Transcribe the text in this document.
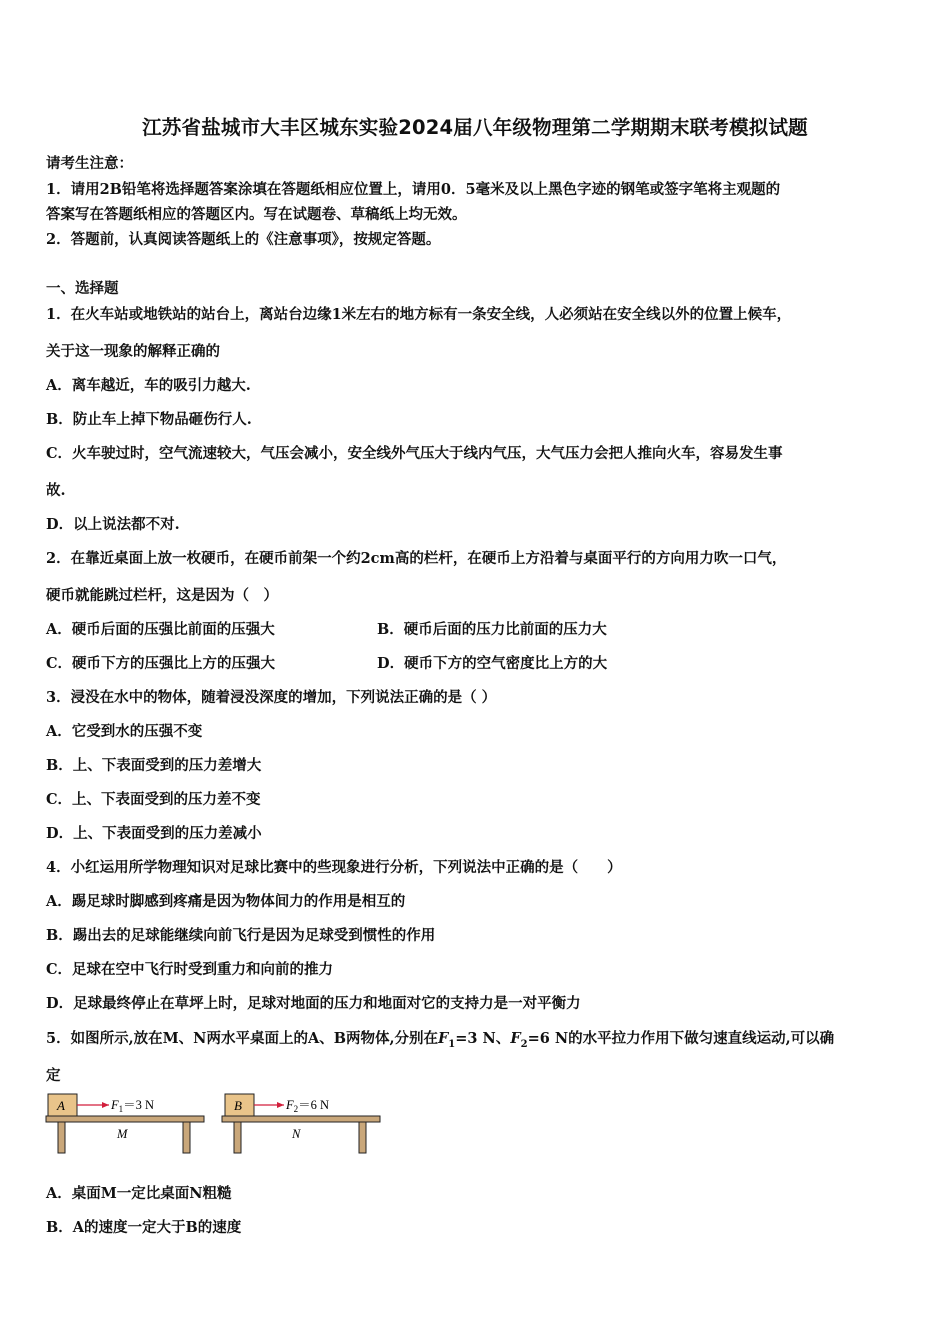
江苏省盐城市大丰区城东实验2024届八年级物理第二学期期末联考模拟试题
请考生注意：
1．请用2B铅笔将选择题答案涂填在答题纸相应位置上，请用0．5毫米及以上黑色字迹的钢笔或签字笔将主观题的
答案写在答题纸相应的答题区内。写在试题卷、草稿纸上均无效。
2．答题前，认真阅读答题纸上的《注意事项》，按规定答题。
一、选择题
1．在火车站或地铁站的站台上，离站台边缘1米左右的地方标有一条安全线，人必须站在安全线以外的位置上候车，
关于这一现象的解释正确的
A．离车越近，车的吸引力越大.
B．防止车上掉下物品砸伤行人.
C．火车驶过时，空气流速较大，气压会减小，安全线外气压大于线内气压，大气压力会把人推向火车，容易发生事
故.
D．以上说法都不对.
2．在靠近桌面上放一枚硬币，在硬币前架一个约2cm高的栏杆，在硬币上方沿着与桌面平行的方向用力吹一口气，
硬币就能跳过栏杆，这是因为（　）
A．硬币后面的压强比前面的压强大	B．硬币后面的压力比前面的压力大
C．硬币下方的压强比上方的压强大	D．硬币下方的空气密度比上方的大
3．浸没在水中的物体，随着浸没深度的增加，下列说法正确的是（ ）
A．它受到水的压强不变
B．上、下表面受到的压力差增大
C．上、下表面受到的压力差不变
D．上、下表面受到的压力差减小
4．小红运用所学物理知识对足球比赛中的些现象进行分析，下列说法中正确的是（　　）
A．踢足球时脚感到疼痛是因为物体间力的作用是相互的
B．踢出去的足球能继续向前飞行是因为足球受到惯性的作用
C．足球在空中飞行时受到重力和向前的推力
D．足球最终停止在草坪上时，足球对地面的压力和地面对它的支持力是一对平衡力
5．如图所示,放在M、N两水平桌面上的A、B两物体,分别在$F_1=3$ N、$F_2=6$ N的水平拉力作用下做匀速直线运动,可以确
定
A	$F_1=3$ N
M
B	$F_2=6$ N
N
A．桌面M一定比桌面N粗糙
B．A的速度一定大于B的速度
